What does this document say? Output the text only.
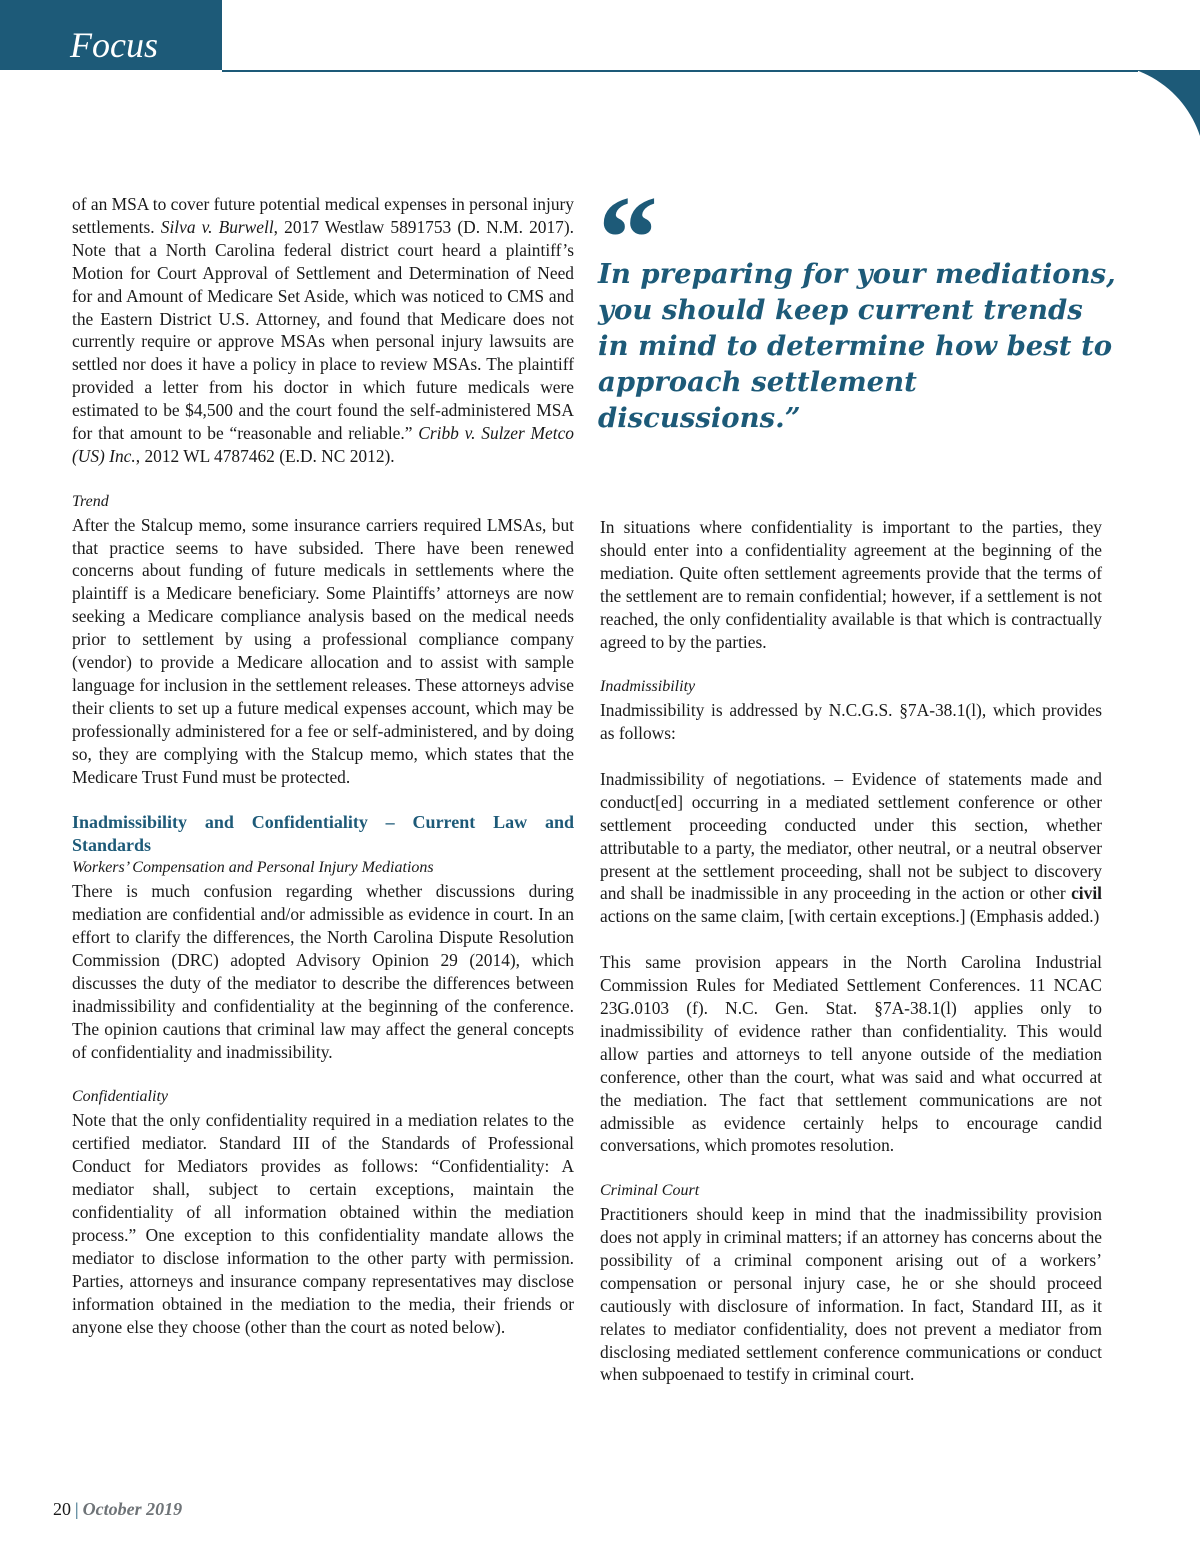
Focus

of an MSA to cover future potential medical expenses in personal injury settlements. Silva v. Burwell, 2017 Westlaw 5891753 (D. N.M. 2017). Note that a North Carolina federal district court heard a plaintiff’s Motion for Court Approval of Settlement and Determination of Need for and Amount of Medicare Set Aside, which was noticed to CMS and the Eastern District U.S. Attorney, and found that Medicare does not currently require or approve MSAs when personal injury lawsuits are settled nor does it have a policy in place to review MSAs. The plaintiff provided a letter from his doctor in which future medicals were estimated to be $4,500 and the court found the self-administered MSA for that amount to be “reasonable and reliable.” Cribb v. Sulzer Metco (US) Inc., 2012 WL 4787462 (E.D. NC 2012).

Trend

After the Stalcup memo, some insurance carriers required LMSAs, but that practice seems to have subsided. There have been renewed concerns about funding of future medicals in settlements where the plaintiff is a Medicare beneficiary. Some Plaintiffs’ attorneys are now seeking a Medicare compliance analysis based on the medical needs prior to settlement by using a professional compliance company (vendor) to provide a Medicare allocation and to assist with sample language for inclusion in the settlement releases. These attorneys advise their clients to set up a future medical expenses account, which may be professionally administered for a fee or self-administered, and by doing so, they are complying with the Stalcup memo, which states that the Medicare Trust Fund must be protected.

Inadmissibility and Confidentiality – Current Law and Standards

Workers’ Compensation and Personal Injury Mediations

There is much confusion regarding whether discussions during mediation are confidential and/or admissible as evidence in court. In an effort to clarify the differences, the North Carolina Dispute Resolution Commission (DRC) adopted Advisory Opinion 29 (2014), which discusses the duty of the mediator to describe the differences between inadmissibility and confidentiality at the beginning of the conference. The opinion cautions that criminal law may affect the general concepts of confidentiality and inadmissibility.

Confidentiality

Note that the only confidentiality required in a mediation relates to the certified mediator. Standard III of the Standards of Professional Conduct for Mediators provides as follows: “Confidentiality: A mediator shall, subject to certain exceptions, maintain the confidentiality of all information obtained within the mediation process.” One exception to this confidentiality mandate allows the mediator to disclose information to the other party with permission. Parties, attorneys and insurance company representatives may disclose information obtained in the mediation to the media, their friends or anyone else they choose (other than the court as noted below).

“
In preparing for your mediations, you should keep current trends in mind to determine how best to approach settlement discussions.”

In situations where confidentiality is important to the parties, they should enter into a confidentiality agreement at the beginning of the mediation. Quite often settlement agreements provide that the terms of the settlement are to remain confidential; however, if a settlement is not reached, the only confidentiality available is that which is contractually agreed to by the parties.

Inadmissibility

Inadmissibility is addressed by N.C.G.S. §7A-38.1(l), which provides as follows:

Inadmissibility of negotiations. – Evidence of statements made and conduct[ed] occurring in a mediated settlement conference or other settlement proceeding conducted under this section, whether attributable to a party, the mediator, other neutral, or a neutral observer present at the settlement proceeding, shall not be subject to discovery and shall be inadmissible in any proceeding in the action or other civil actions on the same claim, [with certain exceptions.] (Emphasis added.)

This same provision appears in the North Carolina Industrial Commission Rules for Mediated Settlement Conferences. 11 NCAC 23G.0103 (f). N.C. Gen. Stat. §7A-38.1(l) applies only to inadmissibility of evidence rather than confidentiality. This would allow parties and attorneys to tell anyone outside of the mediation conference, other than the court, what was said and what occurred at the mediation. The fact that settlement communications are not admissible as evidence certainly helps to encourage candid conversations, which promotes resolution.

Criminal Court

Practitioners should keep in mind that the inadmissibility provision does not apply in criminal matters; if an attorney has concerns about the possibility of a criminal component arising out of a workers’ compensation or personal injury case, he or she should proceed cautiously with disclosure of information. In fact, Standard III, as it relates to mediator confidentiality, does not prevent a mediator from disclosing mediated settlement conference communications or conduct when subpoenaed to testify in criminal court.

20 | October 2019
